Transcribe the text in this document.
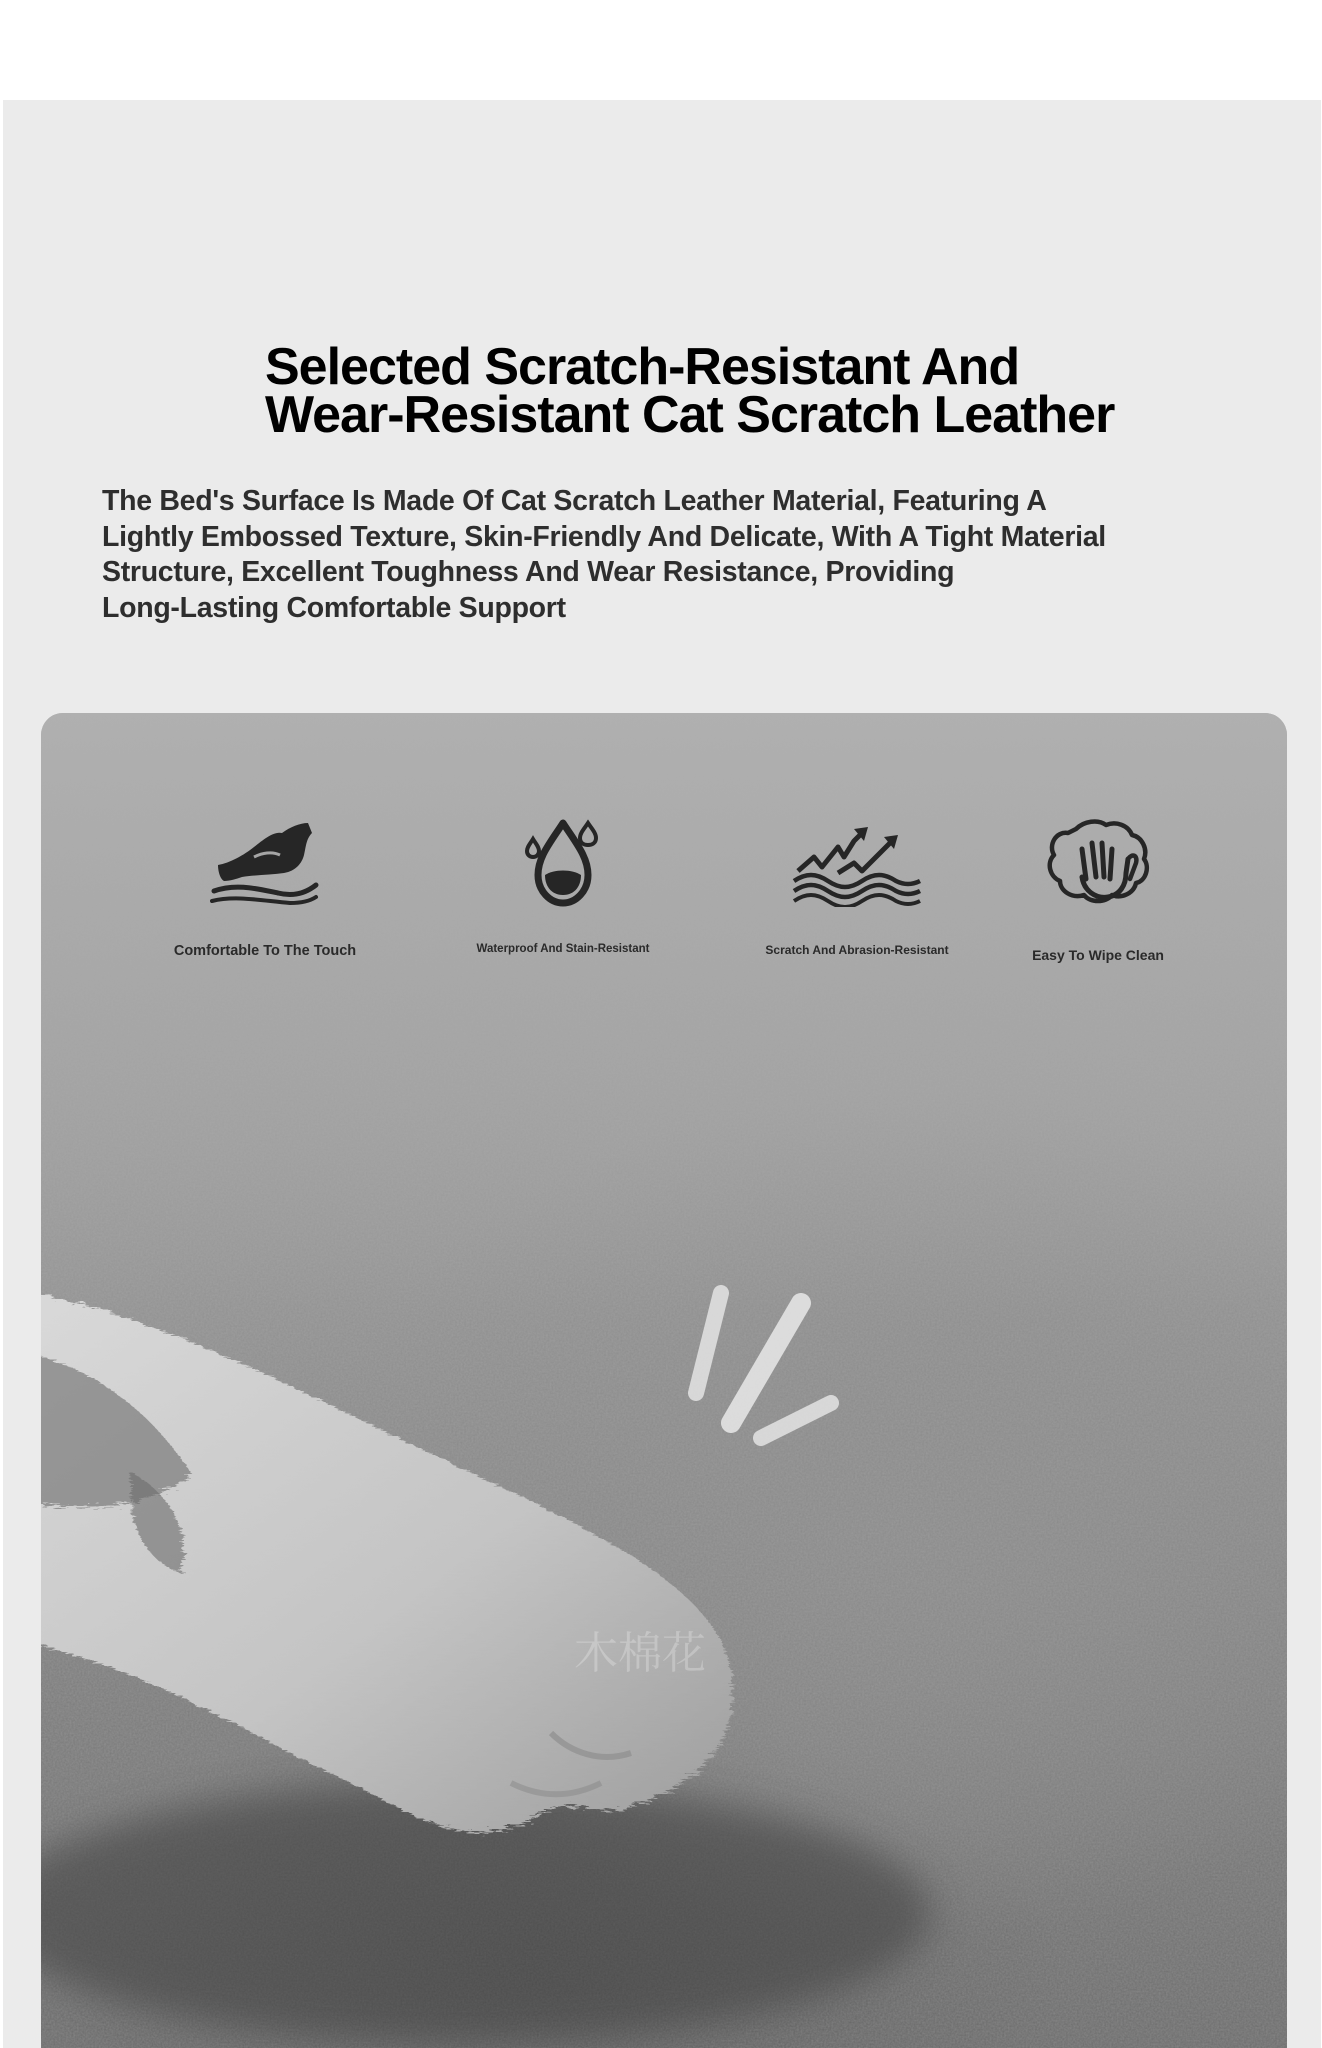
Selected Scratch-Resistant And
Wear-Resistant Cat Scratch Leather

The Bed's Surface Is Made Of Cat Scratch Leather Material, Featuring A
Lightly Embossed Texture, Skin-Friendly And Delicate, With A Tight Material
Structure, Excellent Toughness And Wear Resistance, Providing
Long-Lasting Comfortable Support

木棉花
Comfortable To The Touch	Waterproof And Stain-Resistant	Scratch And Abrasion-Resistant	Easy To Wipe Clean
